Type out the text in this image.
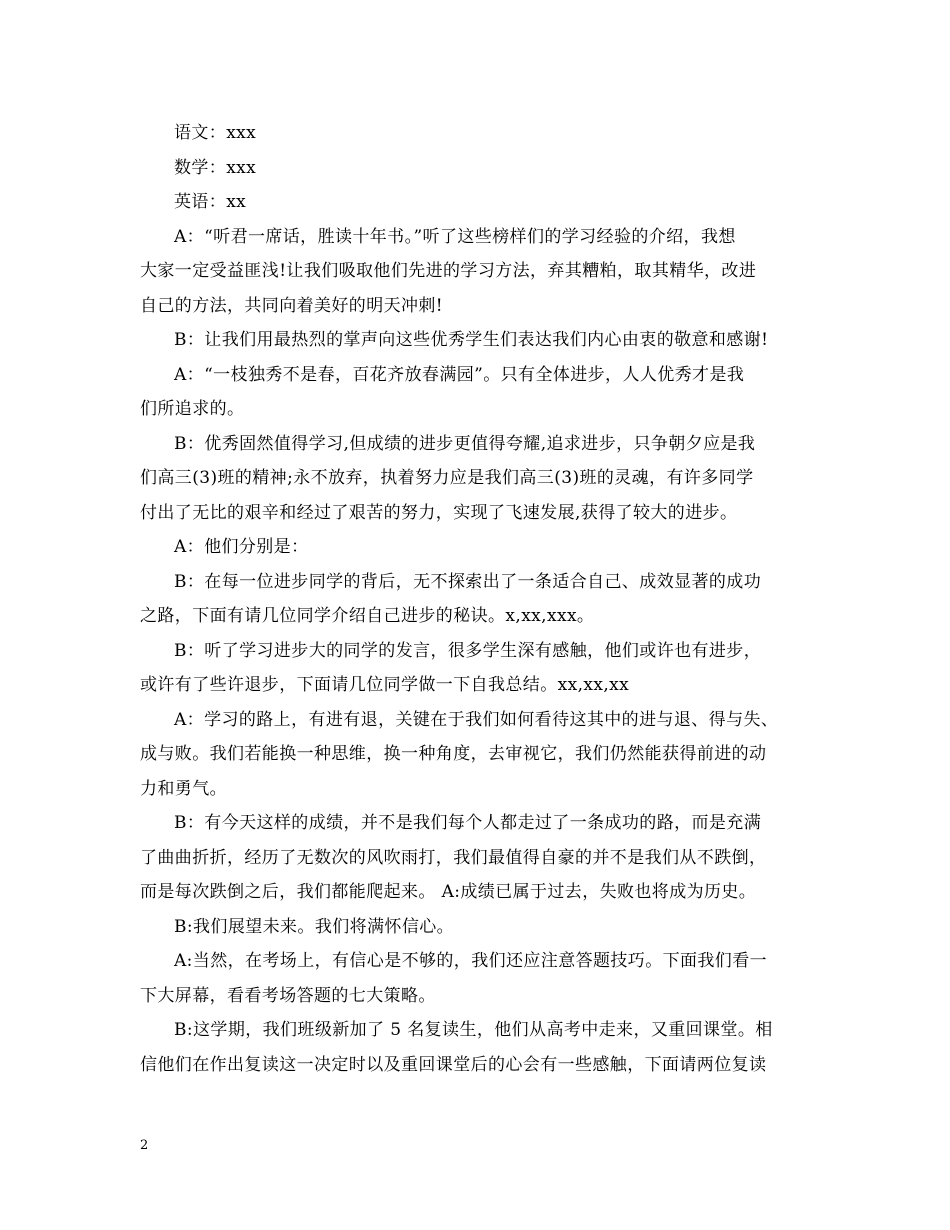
语文：xxx
数学：xxx
英语：xx
A：“听君一席话，胜读十年书。”听了这些榜样们的学习经验的介绍，我想
大家一定受益匪浅!让我们吸取他们先进的学习方法，弃其糟粕，取其精华，改进
自己的方法，共同向着美好的明天冲刺!
B：让我们用最热烈的掌声向这些优秀学生们表达我们内心由衷的敬意和感谢!
A：“一枝独秀不是春，百花齐放春满园”。只有全体进步，人人优秀才是我
们所追求的。
B：优秀固然值得学习,但成绩的进步更值得夸耀,追求进步，只争朝夕应是我
们高三(3)班的精神;永不放弃，执着努力应是我们高三(3)班的灵魂，有许多同学
付出了无比的艰辛和经过了艰苦的努力，实现了飞速发展,获得了较大的进步。
A：他们分别是：
B：在每一位进步同学的背后，无不探索出了一条适合自己、成效显著的成功
之路，下面有请几位同学介绍自己进步的秘诀。x,xx,xxx。
B：听了学习进步大的同学的发言，很多学生深有感触，他们或许也有进步，
或许有了些许退步，下面请几位同学做一下自我总结。xx,xx,xx
A：学习的路上，有进有退，关键在于我们如何看待这其中的进与退、得与失、
成与败。我们若能换一种思维，换一种角度，去审视它，我们仍然能获得前进的动
力和勇气。
B：有今天这样的成绩，并不是我们每个人都走过了一条成功的路，而是充满
了曲曲折折，经历了无数次的风吹雨打，我们最值得自豪的并不是我们从不跌倒，
而是每次跌倒之后，我们都能爬起来。 A:成绩已属于过去，失败也将成为历史。
B:我们展望未来。我们将满怀信心。
A:当然，在考场上，有信心是不够的，我们还应注意答题技巧。下面我们看一
下大屏幕，看看考场答题的七大策略。
B:这学期，我们班级新加了 5 名复读生，他们从高考中走来，又重回课堂。相
信他们在作出复读这一决定时以及重回课堂后的心会有一些感触，下面请两位复读
2
